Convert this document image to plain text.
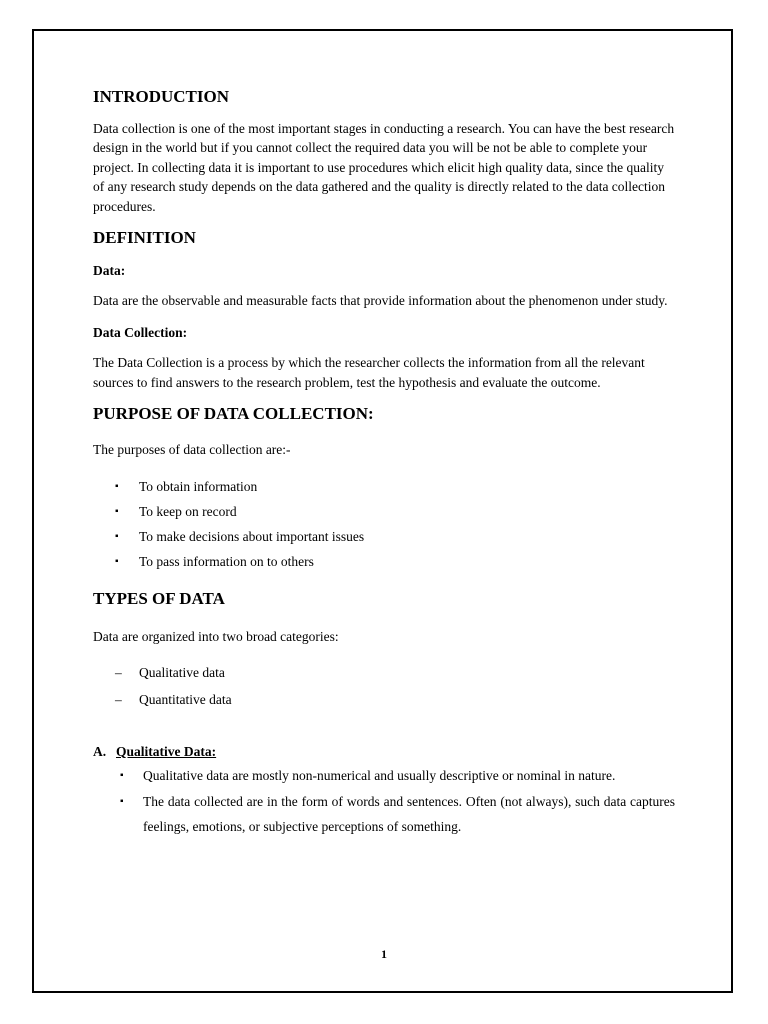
INTRODUCTION

Data collection is one of the most important stages in conducting a research. You can have the best research design in the world but if you cannot collect the required data you will be not be able to complete your project. In collecting data it is important to use procedures which elicit high quality data, since the quality of any research study depends on the data gathered and the quality is directly related to the data collection procedures.

DEFINITION

Data:

Data are the observable and measurable facts that provide information about the phenomenon under study.

Data Collection:

The Data Collection is a process by which the researcher collects the information from all the relevant sources to find answers to the research problem, test the hypothesis and evaluate the outcome.

PURPOSE OF DATA COLLECTION:

The purposes of data collection are:-

▪ To obtain information
▪ To keep on record
▪ To make decisions about important issues
▪ To pass information on to others
TYPES OF DATA

Data are organized into two broad categories:

– Qualitative data
– Quantitative data

A. Qualitative Data:

▪ Qualitative data are mostly non-numerical and usually descriptive or nominal in nature.
▪ The data collected are in the form of words and sentences. Often (not always), such data captures feelings, emotions, or subjective perceptions of something.
1
